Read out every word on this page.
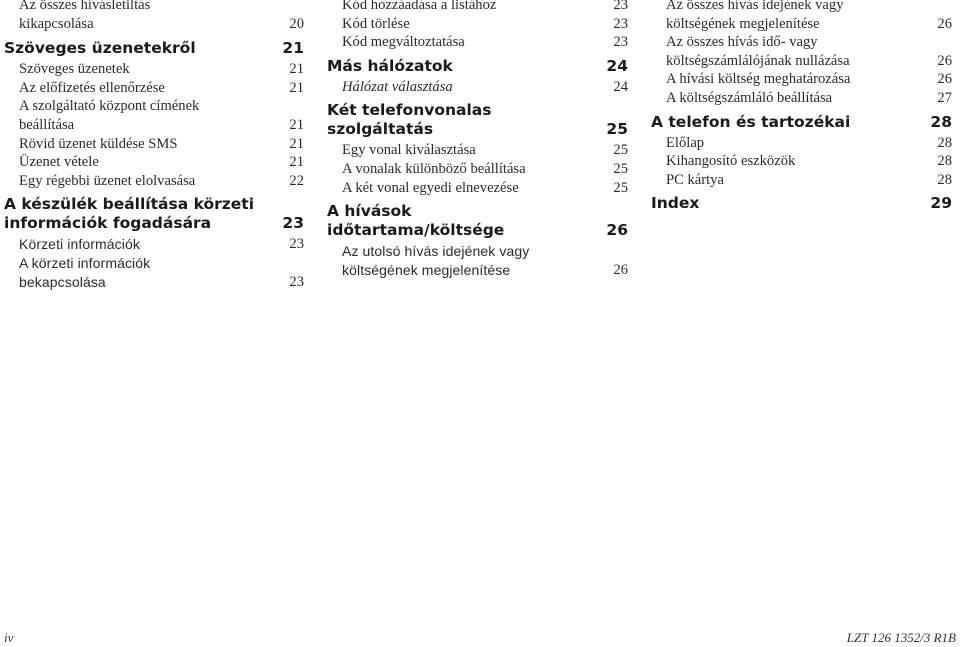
Az összes hívásletiltás
kikapcsolása	20
Szöveges üzenetekről	21
Szöveges üzenetek	21
Az előfizetés ellenőrzése	21
A szolgáltató központ címének
beállítása	21
Rövid üzenet küldése SMS	21
Üzenet vétele	21
Egy régebbi üzenet elolvasása	22
A készülék beállítása körzeti
információk fogadására	23
Körzeti információk	23
A körzeti információk
bekapcsolása	23
Kód hozzáadása a listához	23
Kód törlése	23
Kód megváltoztatása	23
Más hálózatok	24
Hálózat választása	24
Két telefonvonalas szolgáltatás	25
Egy vonal kiválasztása	25
A vonalak különböző beállítása	25
A két vonal egyedi elnevezése	25
A hívások
időtartama/költsége	26
Az utolsó hívás idejének vagy
költségének megjelenítése	26
Az összes hívás idejének vagy
költségének megjelenítése	26
Az összes hívás idő- vagy
költségszámlálójának nullázása	26
A hívási költség meghatározása	26
A költségszámláló beállítása	27
A telefon és tartozékai	28
Előlap	28
Kihangosító eszközök	28
PC kártya	28
Index	29
iv	LZT 126 1352/3 R1B
